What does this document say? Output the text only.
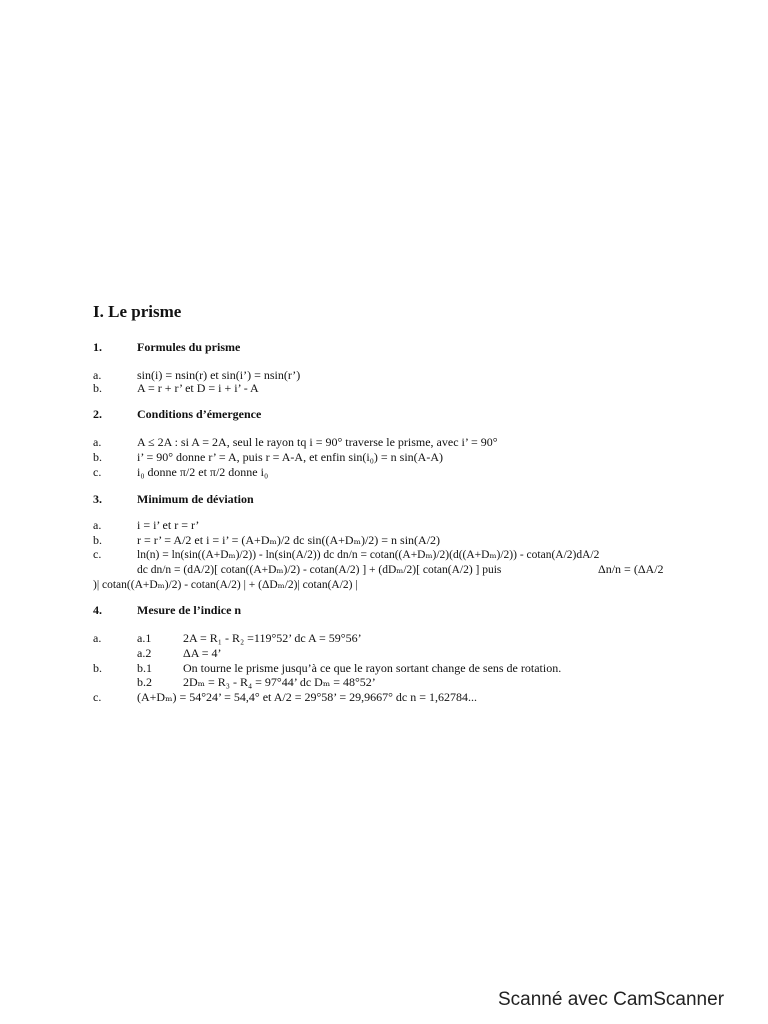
I. Le prisme
1.	Formules du prisme
a.	sin(i) = nsin(r) et sin(i’) = nsin(r’)
b.	A = r + r’ et D = i + i’ - A
2.	Conditions d’émergence
a.	A ≤ 2A : si A = 2A, seul le rayon tq i = 90° traverse le prisme, avec i’ = 90°
b.	i’ = 90° donne r’ = A, puis r = A-A, et enfin sin(i₀) = n sin(A-A)
c.	i₀ donne π/2 et π/2 donne i₀
3.	Minimum de déviation
a.	i = i’ et r = r’
b.	r = r’ = A/2 et i = i’ = (A+Dₘ)/2 dc sin((A+Dₘ)/2) = n sin(A/2)
c.	ln(n) = ln(sin((A+Dₘ)/2)) - ln(sin(A/2)) dc dn/n = cotan((A+Dₘ)/2)(d((A+Dₘ)/2)) - cotan(A/2)dA/2
dc dn/n = (dA/2)[ cotan((A+Dₘ)/2) - cotan(A/2) ] + (dDₘ/2)[ cotan(A/2) ] puis	Δn/n = (ΔA/2
)| cotan((A+Dₘ)/2) - cotan(A/2) | + (ΔDₘ/2)| cotan(A/2) |
4.	Mesure de l’indice n
a.	a.1	2A = R₁ - R₂ =119°52’ dc A = 59°56’
a.2	ΔA = 4’
b.	b.1	On tourne le prisme jusqu’à ce que le rayon sortant change de sens de rotation.
b.2	2Dₘ = R₃ - R₄ = 97°44’ dc Dₘ = 48°52’
c.	(A+Dₘ) = 54°24’ = 54,4° et A/2 = 29°58’ = 29,9667° dc n = 1,62784...
Scanné avec CamScanner
